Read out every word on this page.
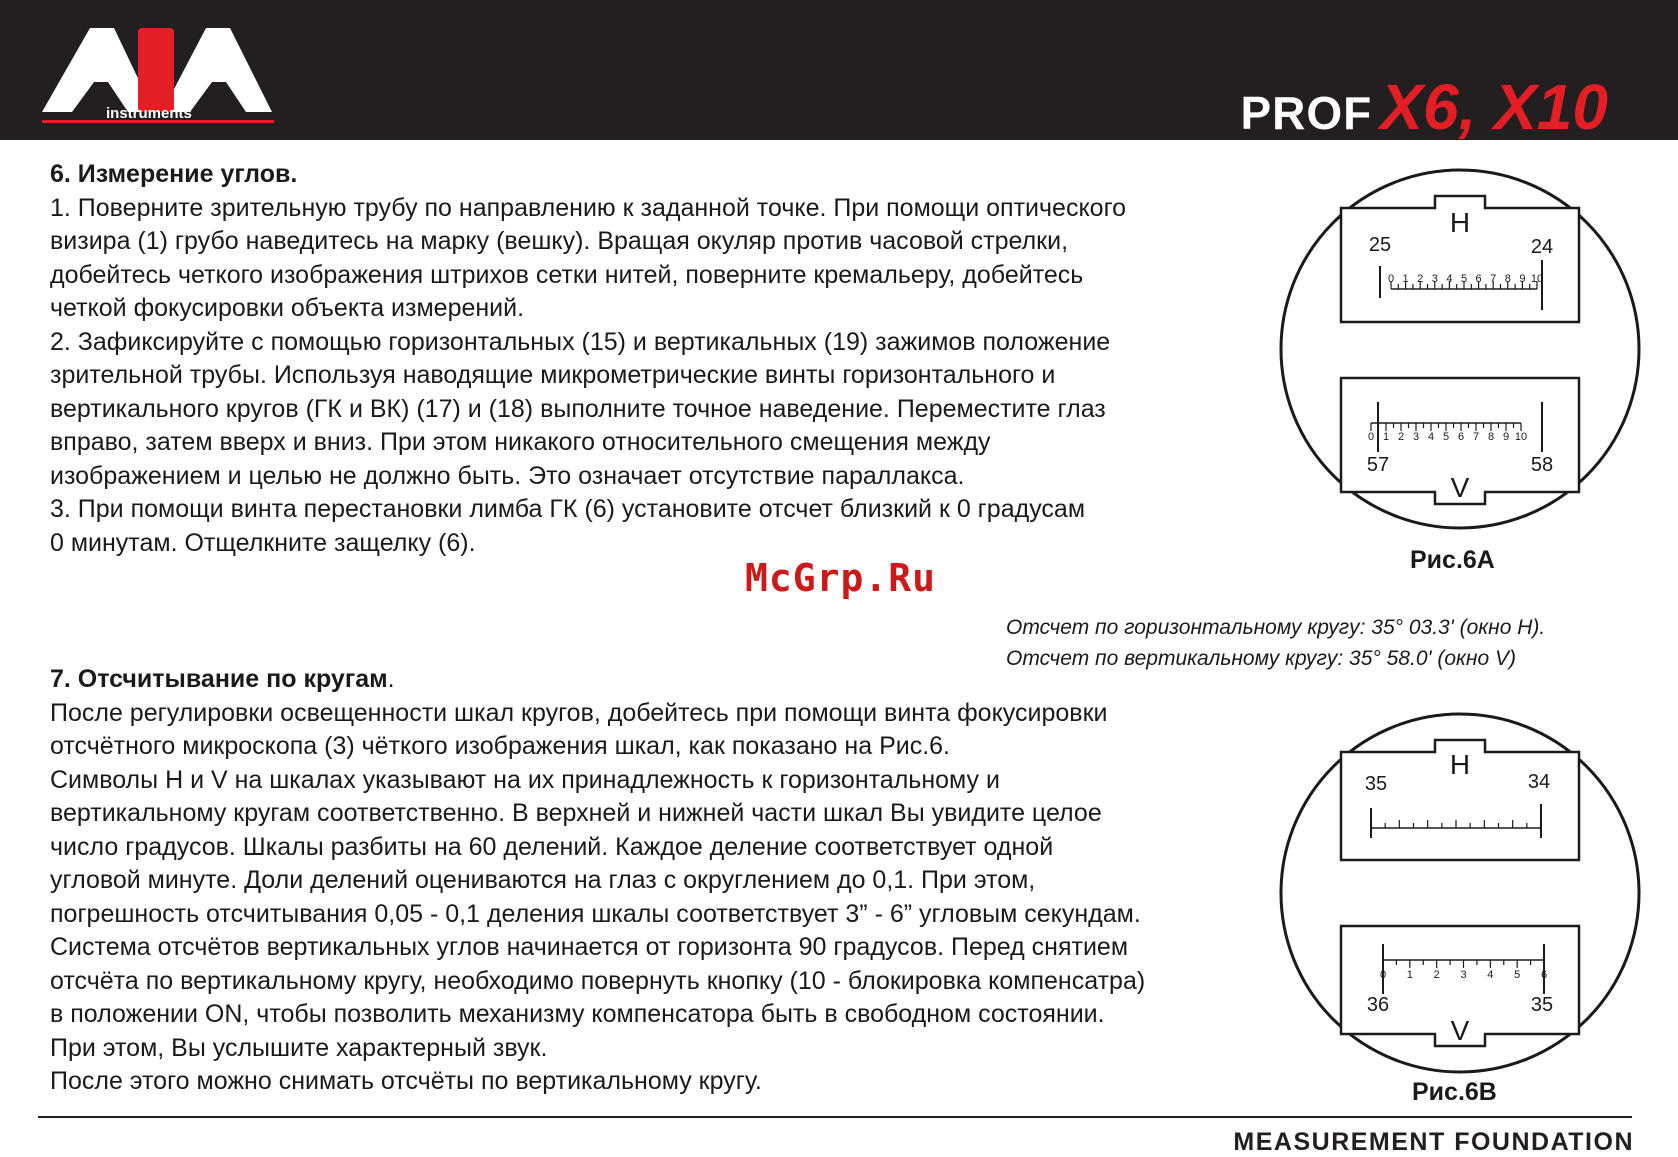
instruments	PROF X6, X10
6. Измерение углов.
1. Поверните зрительную трубу по направлению к заданной точке. При помощи оптического
визира (1) грубо наведитесь на марку (вешку). Вращая окуляр против часовой стрелки,
добейтесь четкого изображения штрихов сетки нитей, поверните кремальеру, добейтесь
четкой фокусировки объекта измерений.
2. Зафиксируйте с помощью горизонтальных (15) и вертикальных (19) зажимов положение
зрительной трубы. Используя наводящие микрометрические винты горизонтального и
вертикального кругов (ГК и ВК) (17) и (18) выполните точное наведение. Переместите глаз
вправо, затем вверх и вниз. При этом никакого относительного смещения между
изображением и целью не должно быть. Это означает отсутствие параллакса.
3. При помощи винта перестановки лимба ГК (6) установите отсчет близкий к 0 градусам
0 минутам. Отщелкните защелку (6).
McGrp.Ru
Отсчет по горизонтальному кругу: 35° 03.3' (окно H).
Отсчет по вертикальному кругу: 35° 58.0' (окно V)
7. Отсчитывание по кругам.
После регулировки освещенности шкал кругов, добейтесь при помощи винта фокусировки
отсчётного микроскопа (3) чёткого изображения шкал, как показано на Рис.6.
Символы H и V на шкалах указывают на их принадлежность к горизонтальному и
вертикальному кругам соответственно. В верхней и нижней части шкал Вы увидите целое
число градусов. Шкалы разбиты на 60 делений. Каждое деление соответствует одной
угловой минуте. Доли делений оцениваются на глаз с округлением до 0,1. При этом,
погрешность отсчитывания 0,05 - 0,1 деления шкалы соответствует 3” - 6” угловым секундам.
Система отсчётов вертикальных углов начинается от горизонта 90 градусов. Перед снятием
отсчёта по вертикальному кругу, необходимо повернуть кнопку (10 - блокировка компенсатра)
в положении ON, чтобы позволить механизму компенсатора быть в свободном состоянии.
При этом, Вы услышите характерный звук.
После этого можно снимать отсчёты по вертикальному кругу.
H
25	24
0 1 2 3 4 5 6 7 8 9 10
V
57	58
0 1 2 3 4 5 6 7 8 9 10
Рис.6A
H
35	34
V
36	35
0 1 2 3 4 5 6
Рис.6B
MEASUREMENT FOUNDATION
